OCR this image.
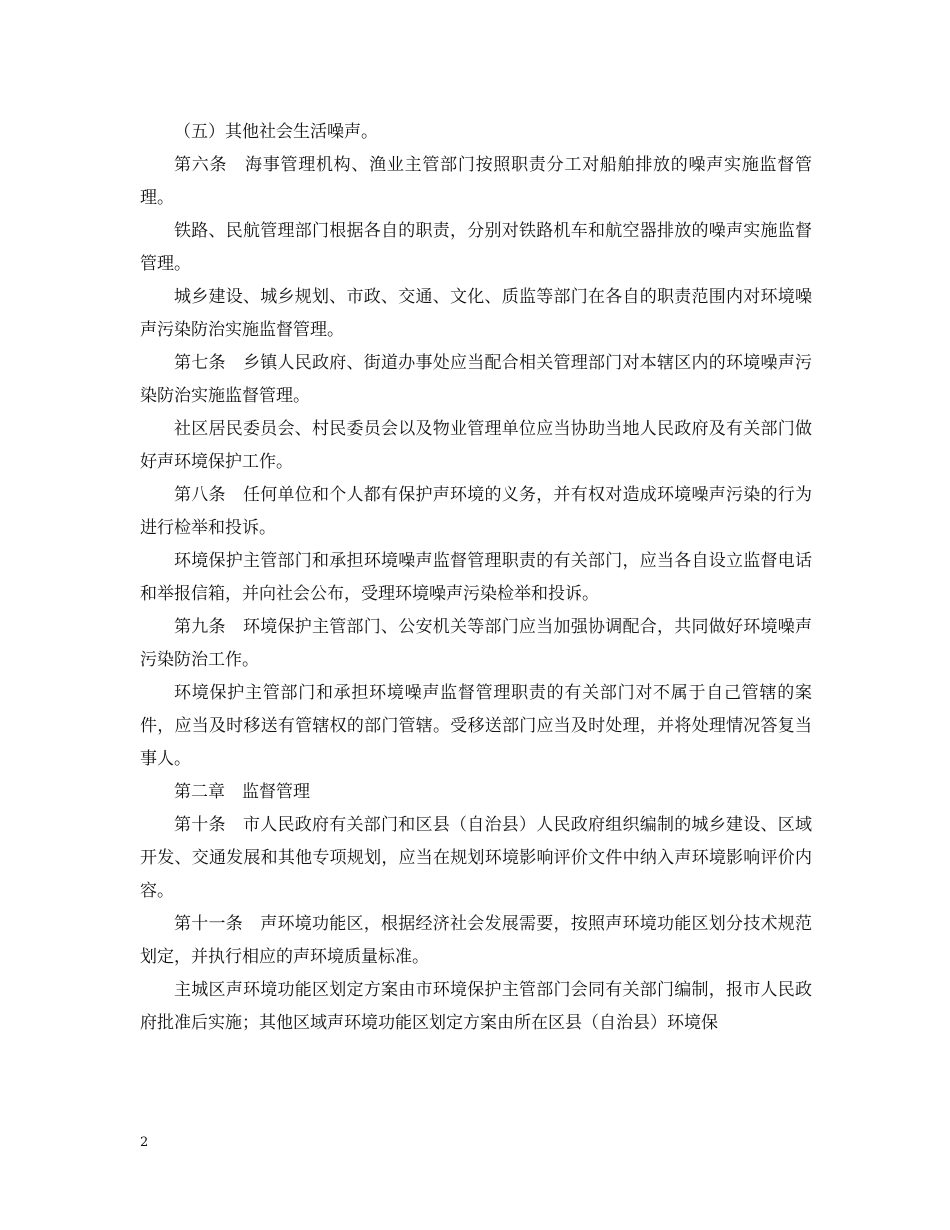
（五）其他社会生活噪声。

第六条　海事管理机构、渔业主管部门按照职责分工对船舶排放的噪声实施监督管理。

铁路、民航管理部门根据各自的职责，分别对铁路机车和航空器排放的噪声实施监督管理。

城乡建设、城乡规划、市政、交通、文化、质监等部门在各自的职责范围内对环境噪声污染防治实施监督管理。

第七条　乡镇人民政府、街道办事处应当配合相关管理部门对本辖区内的环境噪声污染防治实施监督管理。

社区居民委员会、村民委员会以及物业管理单位应当协助当地人民政府及有关部门做好声环境保护工作。

第八条　任何单位和个人都有保护声环境的义务，并有权对造成环境噪声污染的行为进行检举和投诉。

环境保护主管部门和承担环境噪声监督管理职责的有关部门，应当各自设立监督电话和举报信箱，并向社会公布，受理环境噪声污染检举和投诉。

第九条　环境保护主管部门、公安机关等部门应当加强协调配合，共同做好环境噪声污染防治工作。

环境保护主管部门和承担环境噪声监督管理职责的有关部门对不属于自己管辖的案件，应当及时移送有管辖权的部门管辖。受移送部门应当及时处理，并将处理情况答复当事人。

第二章　监督管理

第十条　市人民政府有关部门和区县（自治县）人民政府组织编制的城乡建设、区域开发、交通发展和其他专项规划，应当在规划环境影响评价文件中纳入声环境影响评价内容。

第十一条　声环境功能区，根据经济社会发展需要，按照声环境功能区划分技术规范划定，并执行相应的声环境质量标准。

主城区声环境功能区划定方案由市环境保护主管部门会同有关部门编制，报市人民政府批准后实施；其他区域声环境功能区划定方案由所在区县（自治县）环境保

2
